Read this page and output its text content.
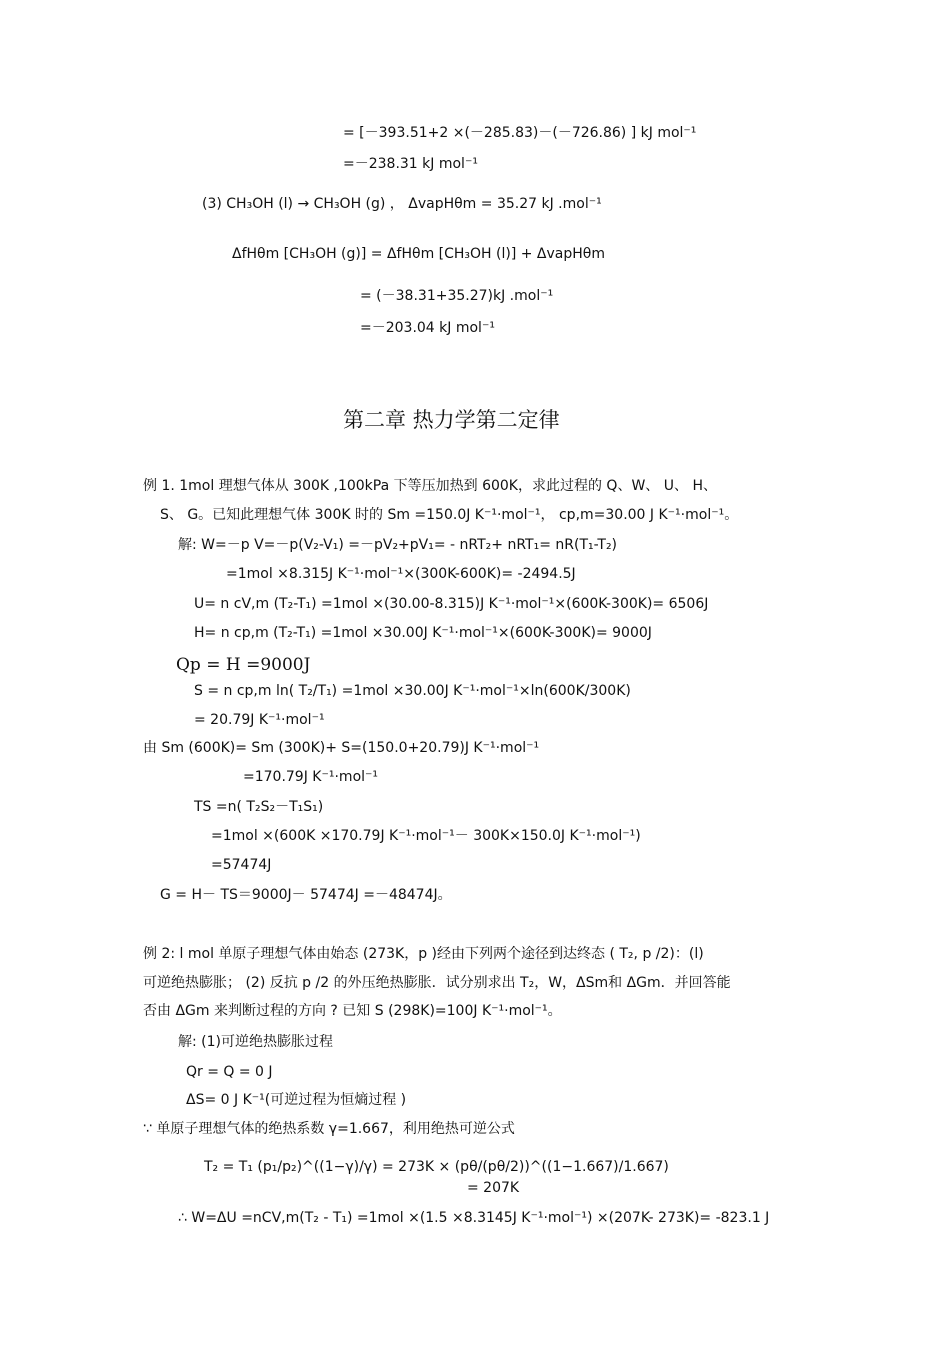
= [－393.51+2 ×(－285.83)－(－726.86) ] kJ mol⁻¹
=－238.31 kJ mol⁻¹
(3) CH₃OH (l) → CH₃OH (g) ， ΔvapHθm = 35.27 kJ .mol⁻¹
ΔfHθm [CH₃OH (g)] = ΔfHθm [CH₃OH (l)] + ΔvapHθm
= (－38.31+35.27)kJ .mol⁻¹
=－203.04 kJ mol⁻¹
第二章 热力学第二定律
例 1. 1mol 理想气体从 300K ,100kPa 下等压加热到 600K，求此过程的 Q、W、 U、 H、
S、 G。已知此理想气体 300K 时的 Sm =150.0J K⁻¹·mol⁻¹， cp,m=30.00 J K⁻¹·mol⁻¹。
解: W=－p V=－p(V₂-V₁) =－pV₂+pV₁= - nRT₂+ nRT₁= nR(T₁-T₂)
=1mol ×8.315J K⁻¹·mol⁻¹×(300K-600K)= -2494.5J
U= n cV,m (T₂-T₁) =1mol ×(30.00-8.315)J K⁻¹·mol⁻¹×(600K-300K)= 6506J
H= n cp,m (T₂-T₁) =1mol ×30.00J K⁻¹·mol⁻¹×(600K-300K)= 9000J
Qp = H =9000J
S = n cp,m ln( T₂/T₁) =1mol ×30.00J K⁻¹·mol⁻¹×ln(600K/300K)
= 20.79J K⁻¹·mol⁻¹
由 Sm (600K)= Sm (300K)+ S=(150.0+20.79)J K⁻¹·mol⁻¹
=170.79J K⁻¹·mol⁻¹
TS =n( T₂S₂－T₁S₁)
=1mol ×(600K ×170.79J K⁻¹·mol⁻¹－ 300K×150.0J K⁻¹·mol⁻¹)
=57474J
G = H－ TS＝9000J－ 57474J =－48474J。
例 2: l mol 单原子理想气体由始态 (273K，p )经由下列两个途径到达终态 ( T₂, p /2)：(l)
可逆绝热膨胀； (2) 反抗 p /2 的外压绝热膨胀．试分别求出 T₂，W，ΔSm和 ΔGm．并回答能
否由 ΔGm 来判断过程的方向 ? 已知 S (298K)=100J K⁻¹·mol⁻¹。
解: (1)可逆绝热膨胀过程
Qr = Q = 0 J
ΔS= 0 J K⁻¹(可逆过程为恒熵过程 )
∵ 单原子理想气体的绝热系数 γ=1.667，利用绝热可逆公式
T₂ = T₁ (p₁/p₂)^((1−γ)/γ) = 273K × (pθ/(pθ/2))^((1−1.667)/1.667)
= 207K
∴ W=ΔU =nCV,m(T₂ - T₁) =1mol ×(1.5 ×8.3145J K⁻¹·mol⁻¹) ×(207K- 273K)= -823.1 J
